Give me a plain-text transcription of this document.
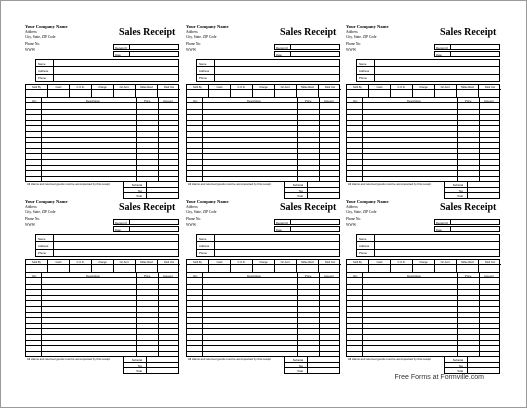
Free Forms at Formville.com
Your Company Name
Address
City, State, ZIP Code
Phone No.
WWW
Sales Receipt
Receipt #
Date
Name
Address
Phone
Sold By	Cash	C.O.D.	Charge	On Acct.	Mdse Retd	Paid Out
Qty	Description	Price	Amount
All claims and returned goods must be accompanied by this receipt	Subtotal
Tax
Total
Your Company Name
Address
City, State, ZIP Code
Phone No.
WWW
Sales Receipt
Receipt #
Date
Name
Address
Phone
Sold By	Cash	C.O.D.	Charge	On Acct.	Mdse Retd	Paid Out
Qty	Description	Price	Amount
All claims and returned goods must be accompanied by this receipt	Subtotal
Tax
Total
Your Company Name
Address
City, State, ZIP Code
Phone No.
WWW
Sales Receipt
Receipt #
Date
Name
Address
Phone
Sold By	Cash	C.O.D.	Charge	On Acct.	Mdse Retd	Paid Out
Qty	Description	Price	Amount
All claims and returned goods must be accompanied by this receipt	Subtotal
Tax
Total
Your Company Name
Address
City, State, ZIP Code
Phone No.
WWW
Sales Receipt
Receipt #
Date
Name
Address
Phone
Sold By	Cash	C.O.D.	Charge	On Acct.	Mdse Retd	Paid Out
Qty	Description	Price	Amount
All claims and returned goods must be accompanied by this receipt	Subtotal
Tax
Total
Your Company Name
Address
City, State, ZIP Code
Phone No.
WWW
Sales Receipt
Receipt #
Date
Name
Address
Phone
Sold By	Cash	C.O.D.	Charge	On Acct.	Mdse Retd	Paid Out
Qty	Description	Price	Amount
All claims and returned goods must be accompanied by this receipt	Subtotal
Tax
Total
Your Company Name
Address
City, State, ZIP Code
Phone No.
WWW
Sales Receipt
Receipt #
Date
Name
Address
Phone
Sold By	Cash	C.O.D.	Charge	On Acct.	Mdse Retd	Paid Out
Qty	Description	Price	Amount
All claims and returned goods must be accompanied by this receipt	Subtotal
Tax
Total
